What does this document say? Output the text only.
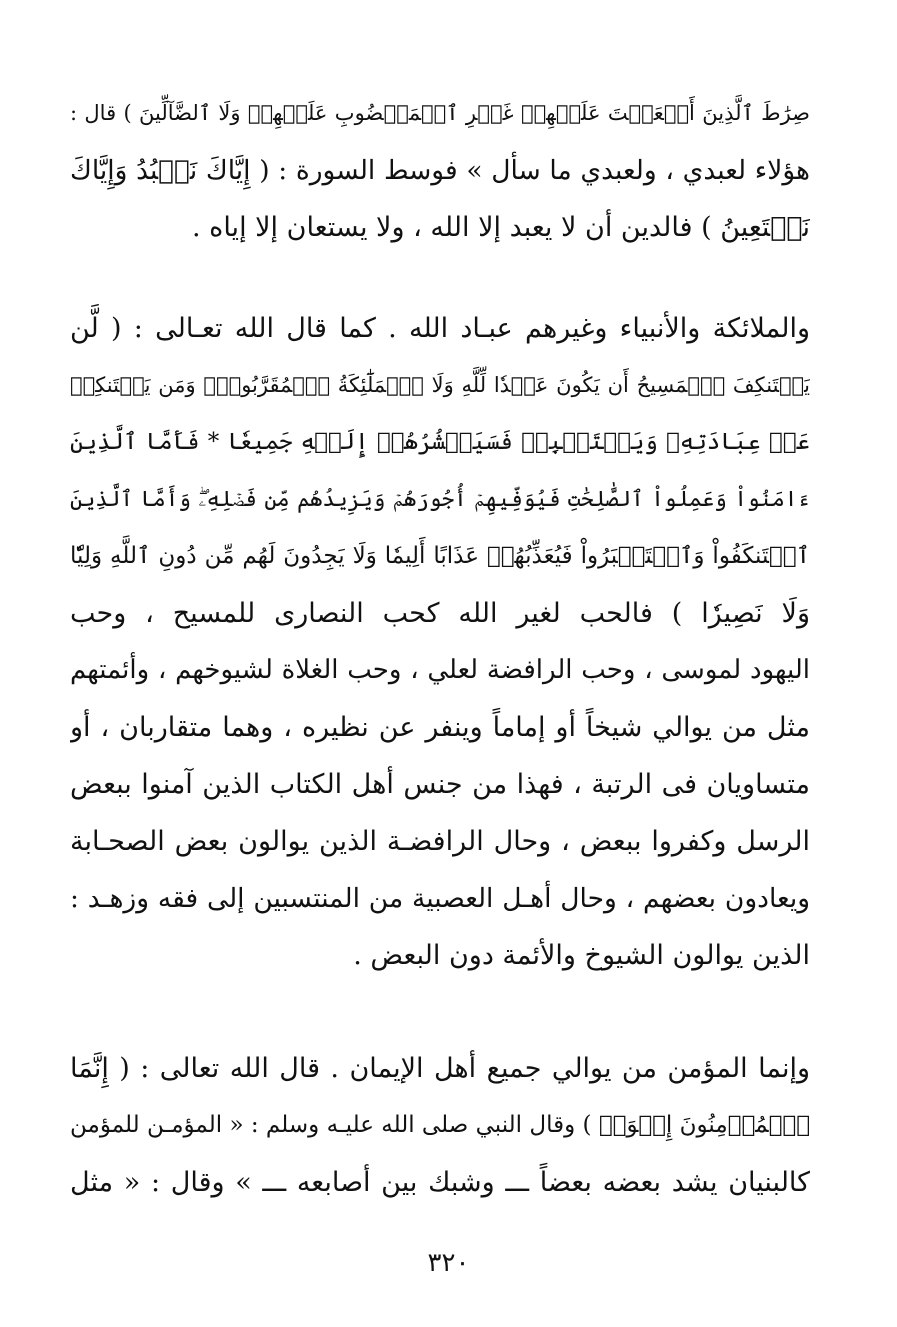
صِرَٰطَ ٱلَّذِينَ أَنۡعَمۡتَ عَلَيۡهِمۡ غَيۡرِ ٱلۡمَغۡضُوبِ عَلَيۡهِمۡ وَلَا ٱلضَّآلِّينَ ) قال :
هؤلاء لعبدي ، ولعبدي ما سأل » فوسط السورة : ( إِيَّاكَ نَعۡبُدُ وَإِيَّاكَ
نَسۡتَعِينُ ) فالدين أن لا يعبد إلا الله ، ولا يستعان إلا إياه .
والملائكة والأنبياء وغيرهم عبـاد الله . كما قال الله تعـالى : ( لَّن
يَسۡتَنكِفَ ٱلۡمَسِيحُ أَن يَكُونَ عَبۡدٗا لِّلَّهِ وَلَا ٱلۡمَلَٰٓئِكَةُ ٱلۡمُقَرَّبُونَۚ وَمَن يَسۡتَنكِفۡ
عَنۡ عِبَادَتِهِۦ وَيَسۡتَكۡبِرۡ فَسَيَحۡشُرُهُمۡ إِلَيۡهِ جَمِيعٗا * فَأَمَّا ٱلَّذِينَ
ءَامَنُواْ وَعَمِلُواْ ٱلصَّٰلِحَٰتِ فَيُوَفِّيهِمۡ أُجُورَهُمۡ وَيَزِيدُهُم مِّن فَضۡلِهِۦۖ وَأَمَّا ٱلَّذِينَ
ٱسۡتَنكَفُواْ وَٱسۡتَكۡبَرُواْ فَيُعَذِّبُهُمۡ عَذَابًا أَلِيمٗا وَلَا يَجِدُونَ لَهُم مِّن دُونِ ٱللَّهِ وَلِيّٗا
وَلَا نَصِيرٗا ) فالحب لغير الله كحب النصارى للمسيح ، وحب
اليهود لموسى ، وحب الرافضة لعلي ، وحب الغلاة لشيوخهم ، وأئمتهم
مثل من يوالي شيخاً أو إماماً وينفر عن نظيره ، وهما متقاربان ، أو
متساويان فى الرتبة ، فهذا من جنس أهل الكتاب الذين آمنوا ببعض
الرسل وكفروا ببعض ، وحال الرافضـة الذين يوالون بعض الصحـابة
ويعادون بعضهم ، وحال أهـل العصبية من المنتسبين إلى فقه وزهـد :
الذين يوالون الشيوخ والأئمة دون البعض .
وإنما المؤمن من يوالي جميع أهل الإيمان . قال الله تعالى : ( إِنَّمَا
ٱلۡمُؤۡمِنُونَ إِخۡوَةٞ ) وقال النبي صلى الله عليـه وسلم : « المؤمـن للمؤمن
كالبنيان يشد بعضه بعضاً ـــ وشبك بين أصابعه ـــ » وقال : « مثل
٣٢٠
